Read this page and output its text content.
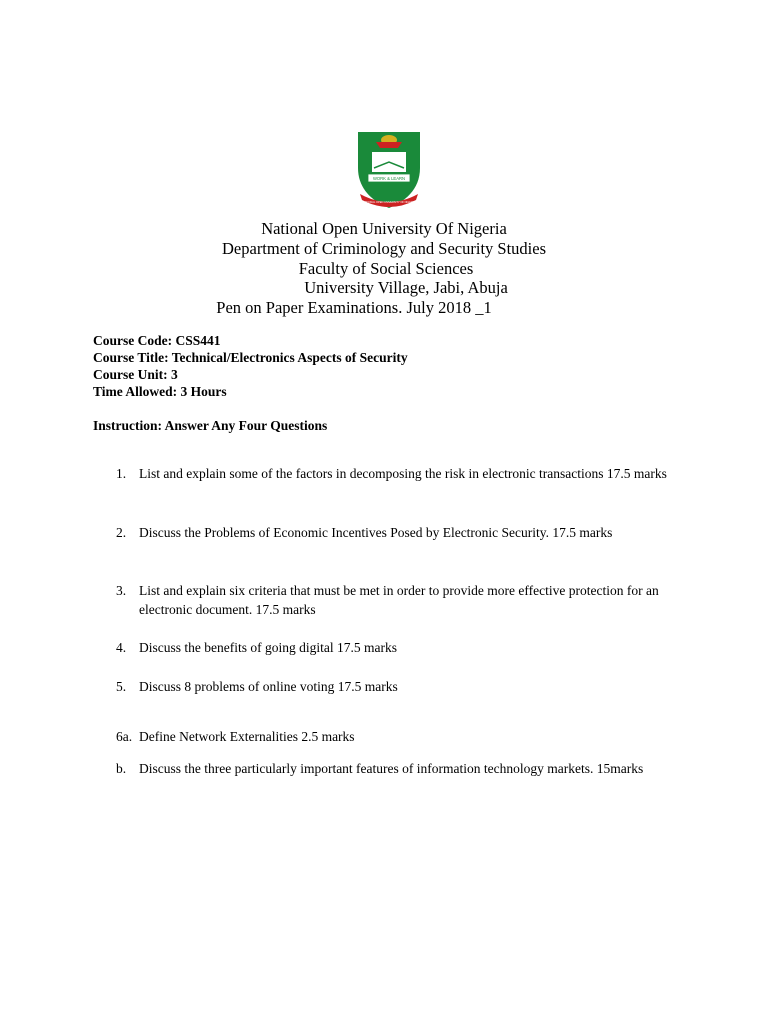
WORK & LEARN
NATIONAL OPEN UNIVERSITY OF NIGERIA
National Open University Of Nigeria
Department of Criminology and Security Studies
Faculty of Social Sciences
University Village, Jabi, Abuja
Pen on Paper Examinations. July 2018 _1
Course Code: CSS441
Course Title: Technical/Electronics Aspects of Security
Course Unit: 3
Time Allowed: 3 Hours
Instruction: Answer Any Four Questions
1. List and explain some of the factors in decomposing the risk in electronic transactions 17.5 marks
2. Discuss the Problems of Economic Incentives Posed by Electronic Security. 17.5 marks
3. List and explain six criteria that must be met in order to provide more effective protection for an electronic document. 17.5 marks
4. Discuss the benefits of going digital 17.5 marks
5. Discuss 8 problems of online voting 17.5 marks
6a. Define Network Externalities 2.5 marks
b. Discuss the three particularly important features of information technology markets. 15marks
